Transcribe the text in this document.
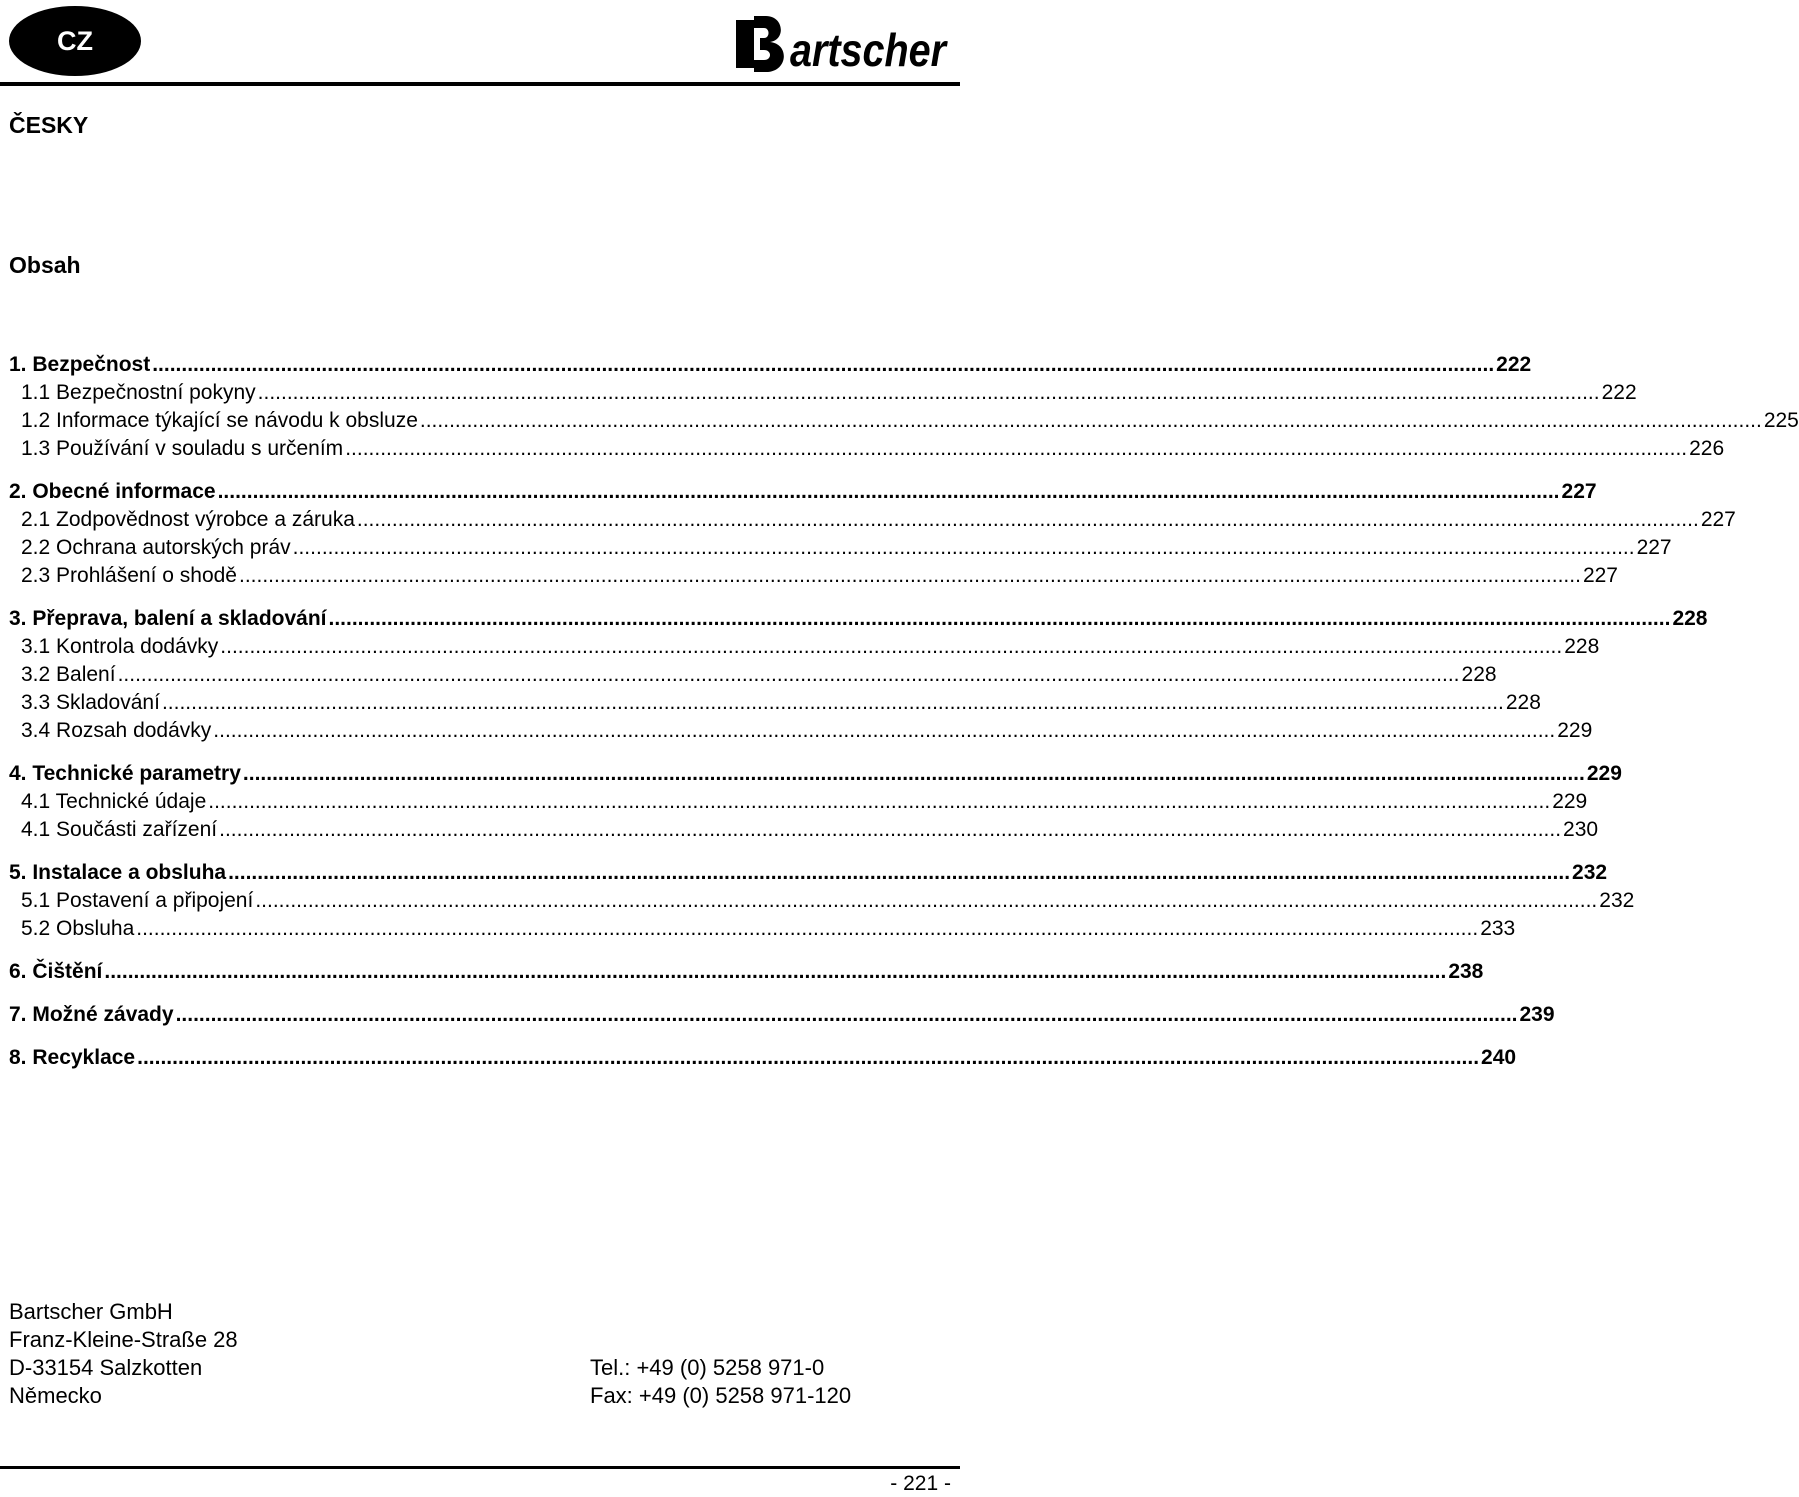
CZ	artscher
ČESKY
Obsah
1. Bezpečnost .....	222
1.1 Bezpečnostní pokyny .....	222
1.2 Informace týkající se návodu k obsluze .....	225
1.3 Používání v souladu s určením .....	226
2. Obecné informace .....	227
2.1 Zodpovědnost výrobce a záruka .....	227
2.2 Ochrana autorských práv .....	227
2.3 Prohlášení o shodě .....	227
3. Přeprava, balení a skladování .....	228
3.1 Kontrola dodávky .....	228
3.2 Balení .....	228
3.3 Skladování .....	228
3.4 Rozsah dodávky .....	229
4. Technické parametry .....	229
4.1 Technické údaje .....	229
4.1 Součásti zařízení .....	230
5. Instalace a obsluha .....	232
5.1 Postavení a připojení .....	232
5.2 Obsluha .....	233
6. Čištění .....	238
7. Možné závady .....	239
8. Recyklace .....	240
Bartscher GmbH
Franz-Kleine-Straße 28
D-33154 Salzkotten
Německo
Tel.: +49 (0) 5258 971-0
Fax: +49 (0) 5258 971-120
- 221 -
